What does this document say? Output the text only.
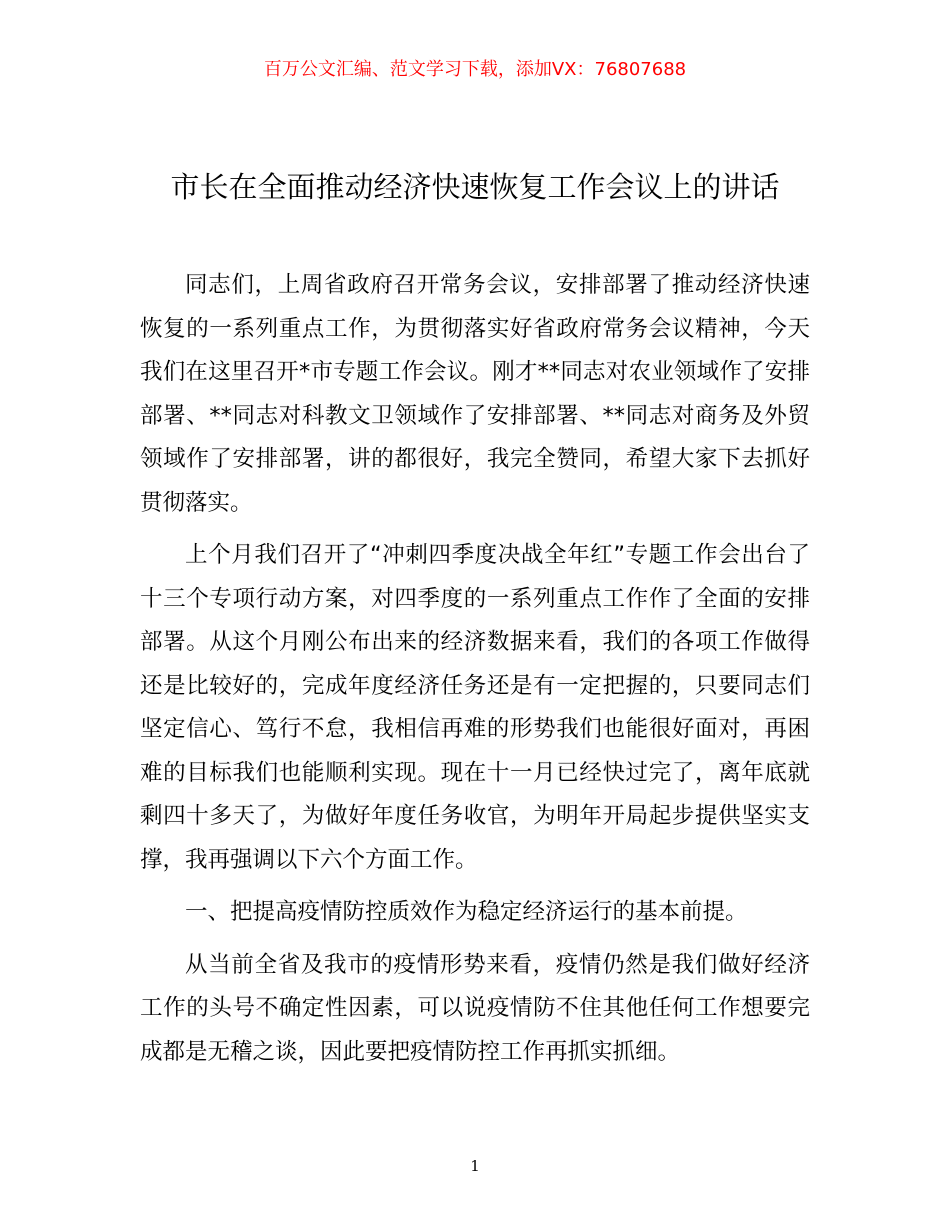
百万公文汇编、范文学习下载，添加VX：76807688
市长在全面推动经济快速恢复工作会议上的讲话

同志们，上周省政府召开常务会议，安排部署了推动经济快速恢复的一系列重点工作，为贯彻落实好省政府常务会议精神，今天我们在这里召开*市专题工作会议。刚才**同志对农业领域作了安排部署、**同志对科教文卫领域作了安排部署、**同志对商务及外贸领域作了安排部署，讲的都很好，我完全赞同，希望大家下去抓好贯彻落实。

上个月我们召开了“冲刺四季度决战全年红”专题工作会出台了十三个专项行动方案，对四季度的一系列重点工作作了全面的安排部署。从这个月刚公布出来的经济数据来看，我们的各项工作做得还是比较好的，完成年度经济任务还是有一定把握的，只要同志们坚定信心、笃行不怠，我相信再难的形势我们也能很好面对，再困难的目标我们也能顺利实现。现在十一月已经快过完了，离年底就剩四十多天了，为做好年度任务收官，为明年开局起步提供坚实支撑，我再强调以下六个方面工作。

一、把提高疫情防控质效作为稳定经济运行的基本前提。

从当前全省及我市的疫情形势来看，疫情仍然是我们做好经济工作的头号不确定性因素，可以说疫情防不住其他任何工作想要完成都是无稽之谈，因此要把疫情防控工作再抓实抓细。

1
